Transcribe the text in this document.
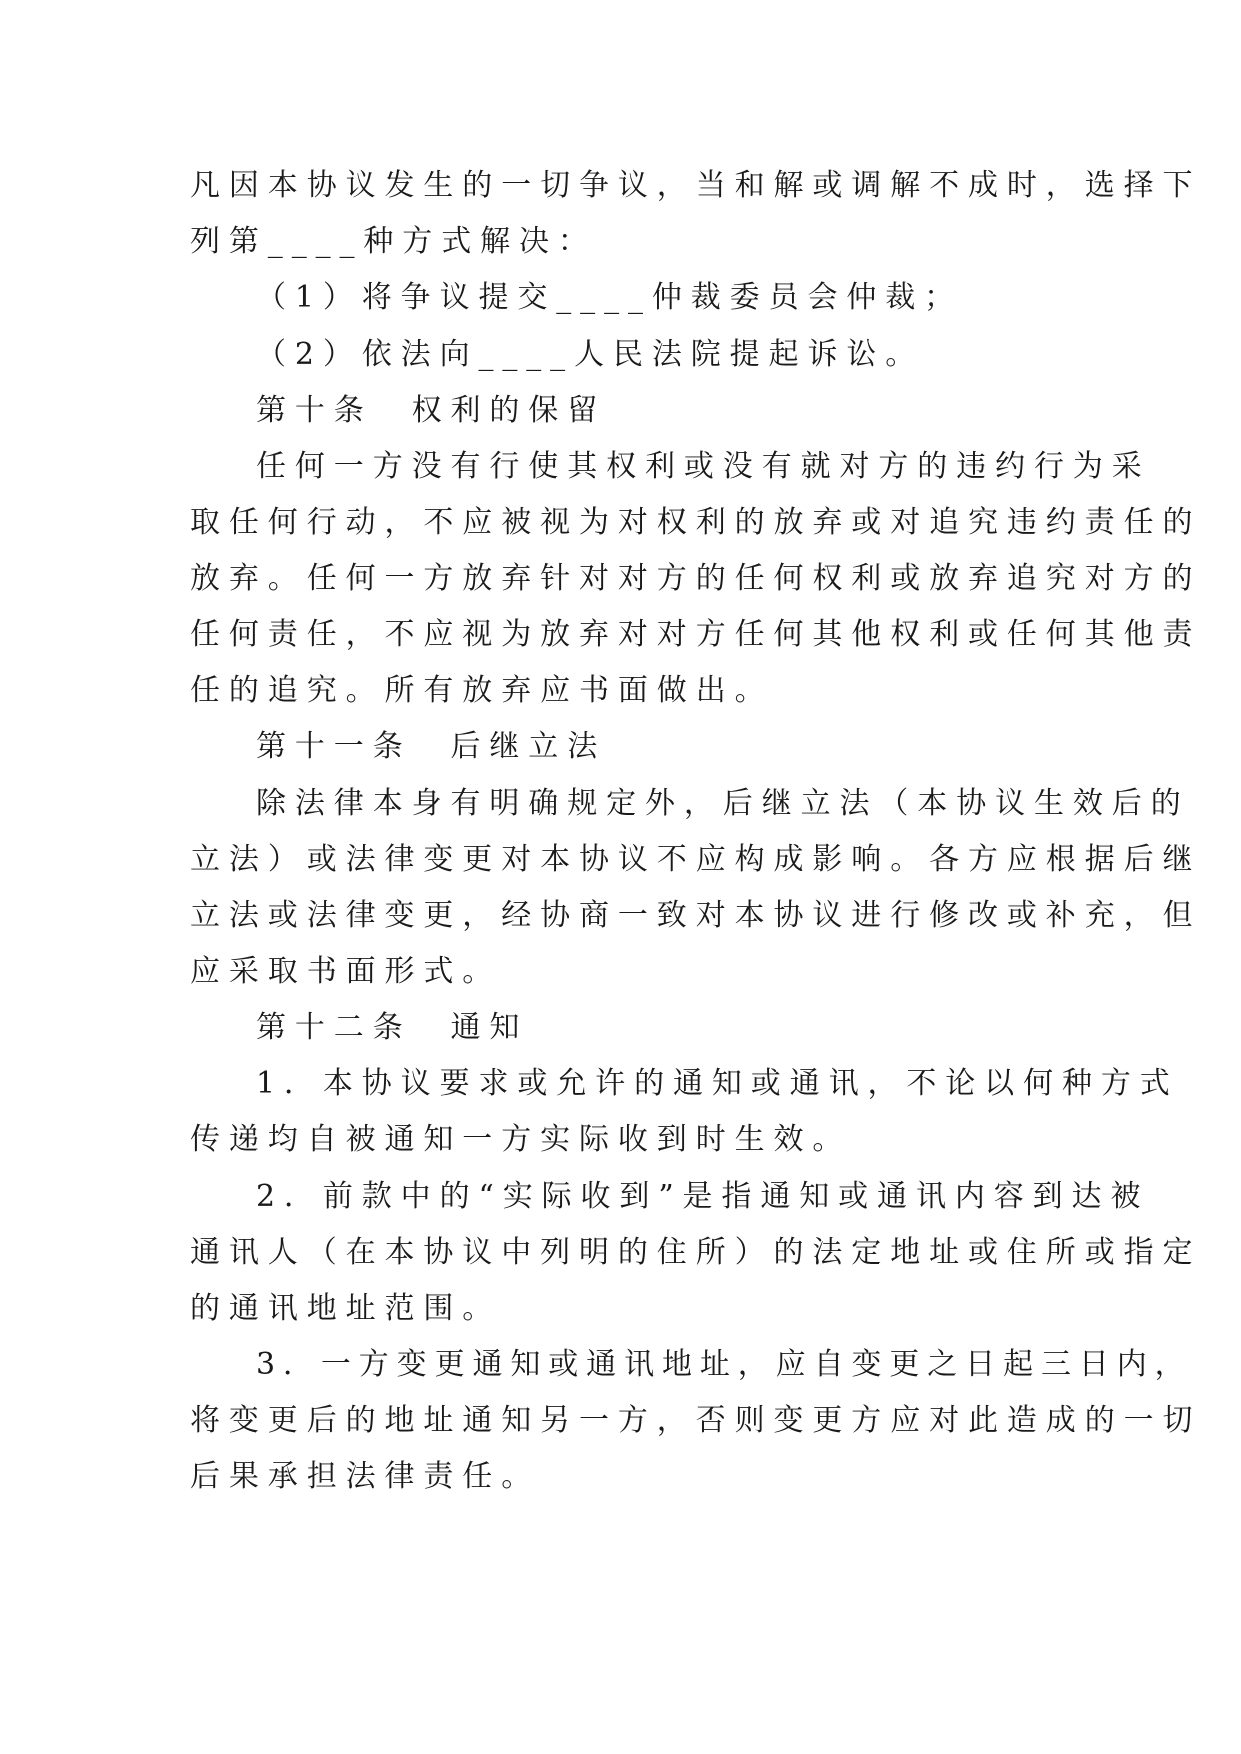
凡因本协议发生的一切争议，当和解或调解不成时，选择下
列第____种方式解决：
（1）将争议提交____仲裁委员会仲裁；
（2）依法向____人民法院提起诉讼。
第十条　权利的保留
任何一方没有行使其权利或没有就对方的违约行为采
取任何行动，不应被视为对权利的放弃或对追究违约责任的
放弃。任何一方放弃针对对方的任何权利或放弃追究对方的
任何责任，不应视为放弃对对方任何其他权利或任何其他责
任的追究。所有放弃应书面做出。
第十一条　后继立法
除法律本身有明确规定外，后继立法（本协议生效后的
立法）或法律变更对本协议不应构成影响。各方应根据后继
立法或法律变更，经协商一致对本协议进行修改或补充，但
应采取书面形式。
第十二条　通知
1．本协议要求或允许的通知或通讯，不论以何种方式
传递均自被通知一方实际收到时生效。
2．前款中的“实际收到”是指通知或通讯内容到达被
通讯人（在本协议中列明的住所）的法定地址或住所或指定
的通讯地址范围。
3．一方变更通知或通讯地址，应自变更之日起三日内，
将变更后的地址通知另一方，否则变更方应对此造成的一切
后果承担法律责任。
